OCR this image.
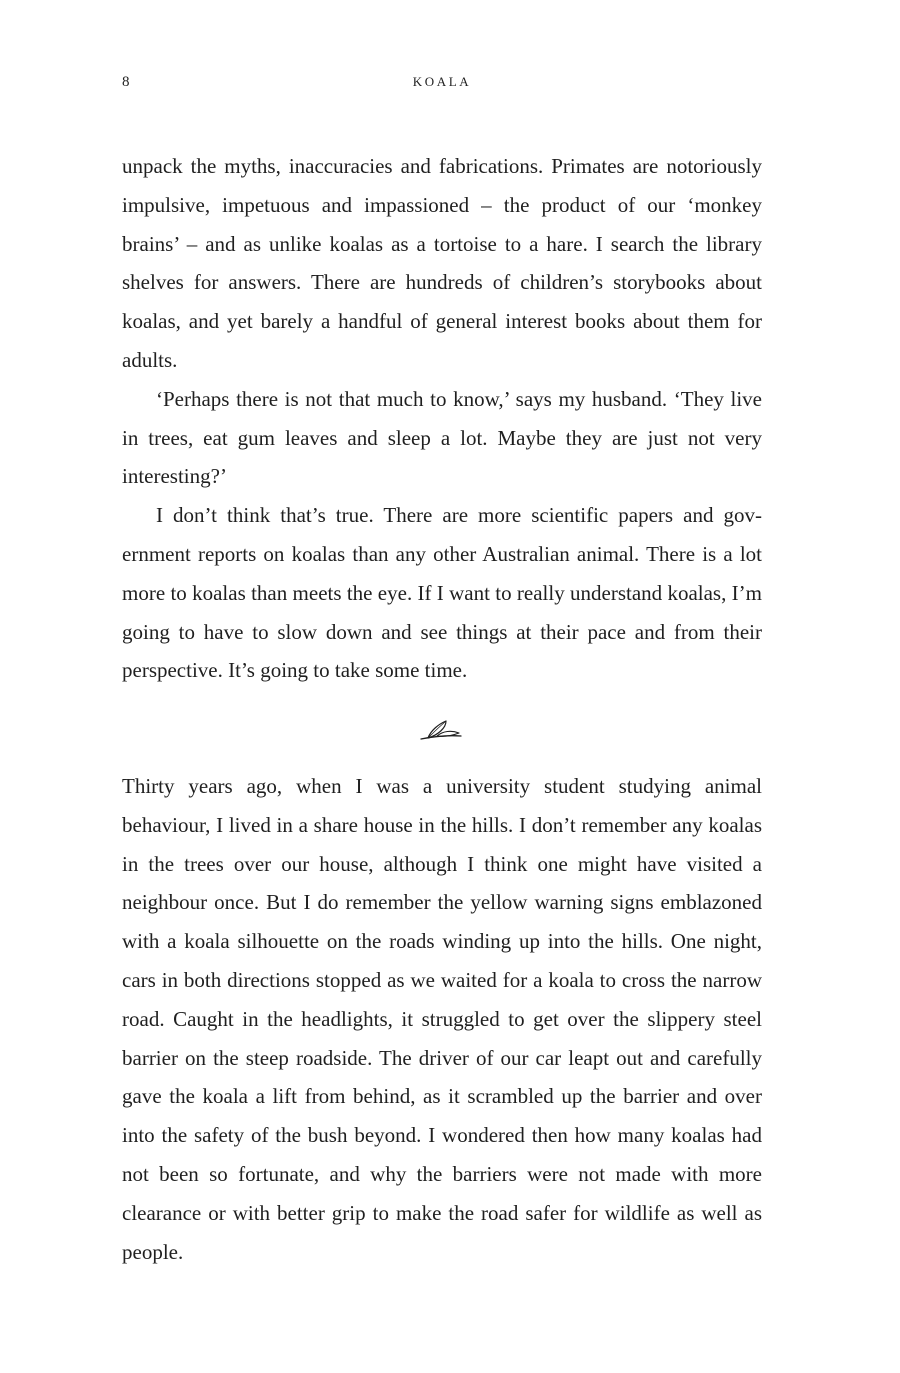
8	KOALA

unpack the myths, inaccuracies and fabrications. Primates are notoriously impulsive, impetuous and impassioned – the product of our ‘monkey brains’ – and as unlike koalas as a tortoise to a hare. I search the library shelves for answers. There are hundreds of children’s storybooks about koalas, and yet barely a handful of general interest books about them for adults.

‘Perhaps there is not that much to know,’ says my husband. ‘They live in trees, eat gum leaves and sleep a lot. Maybe they are just not very interesting?’

I don’t think that’s true. There are more scientific papers and government reports on koalas than any other Australian animal. There is a lot more to koalas than meets the eye. If I want to really understand koalas, I’m going to have to slow down and see things at their pace and from their perspective. It’s going to take some time.

Thirty years ago, when I was a university student studying animal behaviour, I lived in a share house in the hills. I don’t remember any koalas in the trees over our house, although I think one might have visited a neighbour once. But I do remember the yellow warning signs emblazoned with a koala silhouette on the roads winding up into the hills. One night, cars in both directions stopped as we waited for a koala to cross the narrow road. Caught in the headlights, it struggled to get over the slippery steel barrier on the steep roadside. The driver of our car leapt out and carefully gave the koala a lift from behind, as it scrambled up the barrier and over into the safety of the bush beyond. I wondered then how many koalas had not been so fortunate, and why the barriers were not made with more clearance or with better grip to make the road safer for wildlife as well as people.
